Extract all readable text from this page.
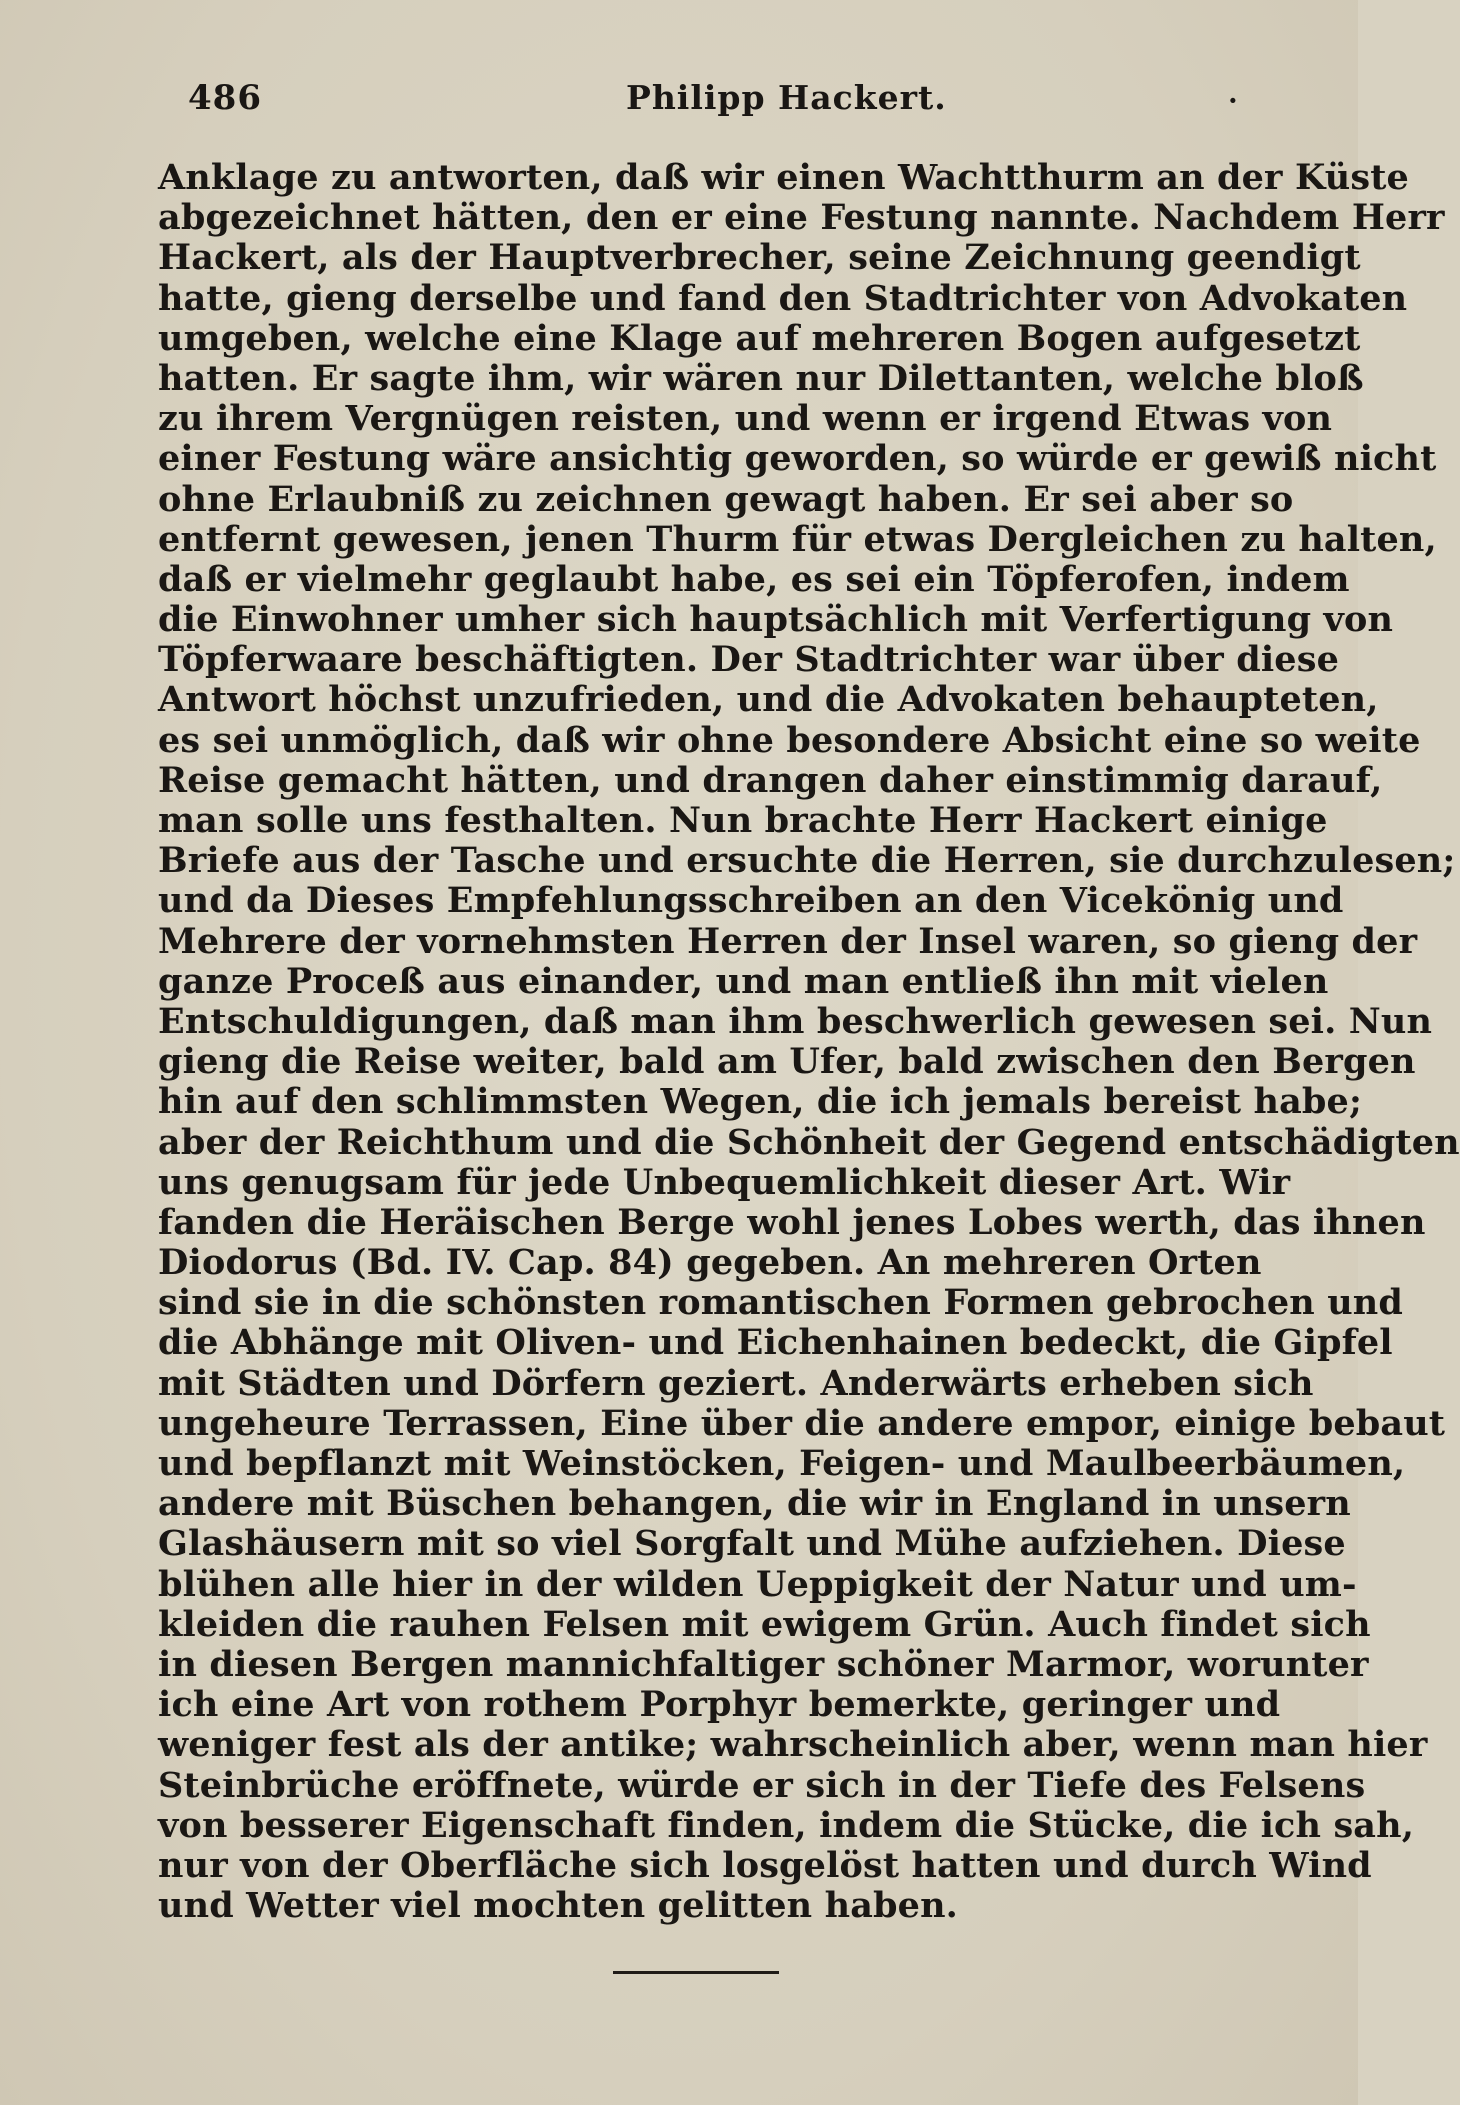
486	Philipp Hackert.	·
Anklage zu antworten, daß wir einen Wachtthurm an der Küste
abgezeichnet hätten, den er eine Festung nannte. Nachdem Herr
Hackert, als der Hauptverbrecher, seine Zeichnung geendigt
hatte, gieng derselbe und fand den Stadtrichter von Advokaten
umgeben, welche eine Klage auf mehreren Bogen aufgesetzt
hatten. Er sagte ihm, wir wären nur Dilettanten, welche bloß
zu ihrem Vergnügen reisten, und wenn er irgend Etwas von
einer Festung wäre ansichtig geworden, so würde er gewiß nicht
ohne Erlaubniß zu zeichnen gewagt haben. Er sei aber so
entfernt gewesen, jenen Thurm für etwas Dergleichen zu halten,
daß er vielmehr geglaubt habe, es sei ein Töpferofen, indem
die Einwohner umher sich hauptsächlich mit Verfertigung von
Töpferwaare beschäftigten. Der Stadtrichter war über diese
Antwort höchst unzufrieden, und die Advokaten behaupteten,
es sei unmöglich, daß wir ohne besondere Absicht eine so weite
Reise gemacht hätten, und drangen daher einstimmig darauf,
man solle uns festhalten. Nun brachte Herr Hackert einige
Briefe aus der Tasche und ersuchte die Herren, sie durchzulesen;
und da Dieses Empfehlungsschreiben an den Vicekönig und
Mehrere der vornehmsten Herren der Insel waren, so gieng der
ganze Proceß aus einander, und man entließ ihn mit vielen
Entschuldigungen, daß man ihm beschwerlich gewesen sei. Nun
gieng die Reise weiter, bald am Ufer, bald zwischen den Bergen
hin auf den schlimmsten Wegen, die ich jemals bereist habe;
aber der Reichthum und die Schönheit der Gegend entschädigten
uns genugsam für jede Unbequemlichkeit dieser Art. Wir
fanden die Heräischen Berge wohl jenes Lobes werth, das ihnen
Diodorus (Bd. IV. Cap. 84) gegeben. An mehreren Orten
sind sie in die schönsten romantischen Formen gebrochen und
die Abhänge mit Oliven- und Eichenhainen bedeckt, die Gipfel
mit Städten und Dörfern geziert. Anderwärts erheben sich
ungeheure Terrassen, Eine über die andere empor, einige bebaut
und bepflanzt mit Weinstöcken, Feigen- und Maulbeerbäumen,
andere mit Büschen behangen, die wir in England in unsern
Glashäusern mit so viel Sorgfalt und Mühe aufziehen. Diese
blühen alle hier in der wilden Ueppigkeit der Natur und um-
kleiden die rauhen Felsen mit ewigem Grün. Auch findet sich
in diesen Bergen mannichfaltiger schöner Marmor, worunter
ich eine Art von rothem Porphyr bemerkte, geringer und
weniger fest als der antike; wahrscheinlich aber, wenn man hier
Steinbrüche eröffnete, würde er sich in der Tiefe des Felsens
von besserer Eigenschaft finden, indem die Stücke, die ich sah,
nur von der Oberfläche sich losgelöst hatten und durch Wind
und Wetter viel mochten gelitten haben.
